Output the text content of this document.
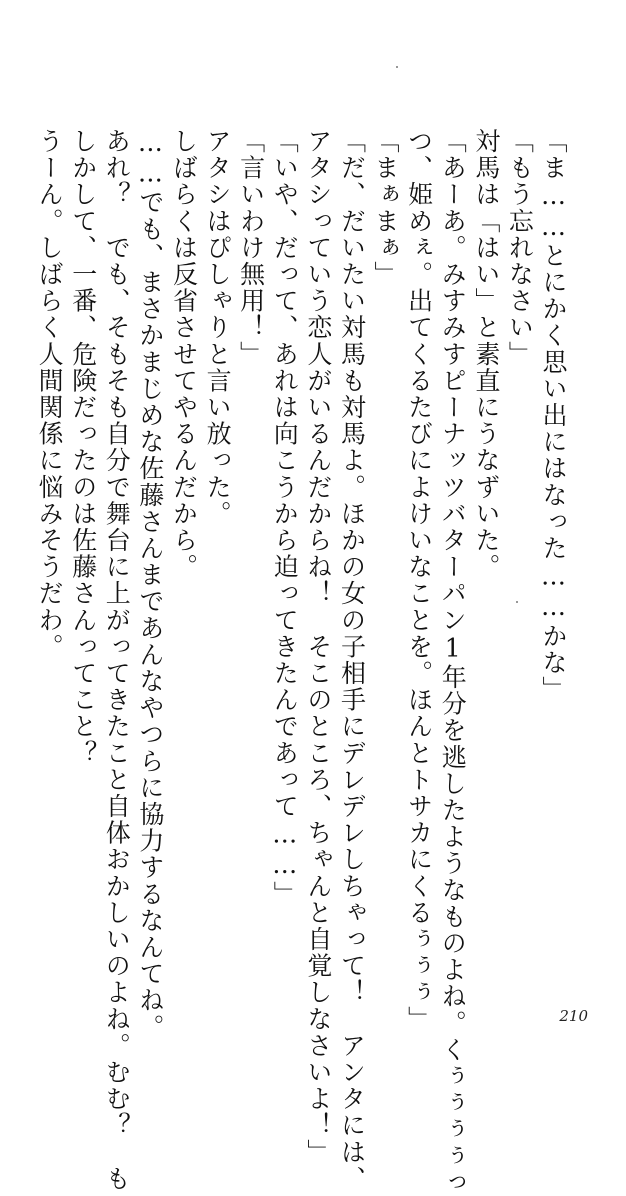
「ま……とにかく思い出にはなった……かな」
「もう忘れなさい」
対馬は「はい」と素直にうなずいた。
「あーあ。みすみすピーナッツバターパン1年分を逃したようなものよね。くぅぅぅぅっ
つ、姫めぇ。出てくるたびによけいなことを。ほんとトサカにくるぅぅぅ」
「まぁまぁ」
「だ、だいたい対馬も対馬よ。ほかの女の子相手にデレデレしちゃって！　アンタには、
アタシっていう恋人がいるんだからね！　そこのところ、ちゃんと自覚しなさいよ！」
「いや、だって、あれは向こうから迫ってきたんであって……」
「言いわけ無用！」
アタシはぴしゃりと言い放った。
しばらくは反省させてやるんだから。
……でも、まさかまじめな佐藤さんまであんなやつらに協力するなんてね。
あれ？　でも、そもそも自分で舞台に上がってきたこと自体おかしいのよね。むむ？　も
しかして、一番、危険だったのは佐藤さんってこと？
うーん。しばらく人間関係に悩みそうだわ。
210
